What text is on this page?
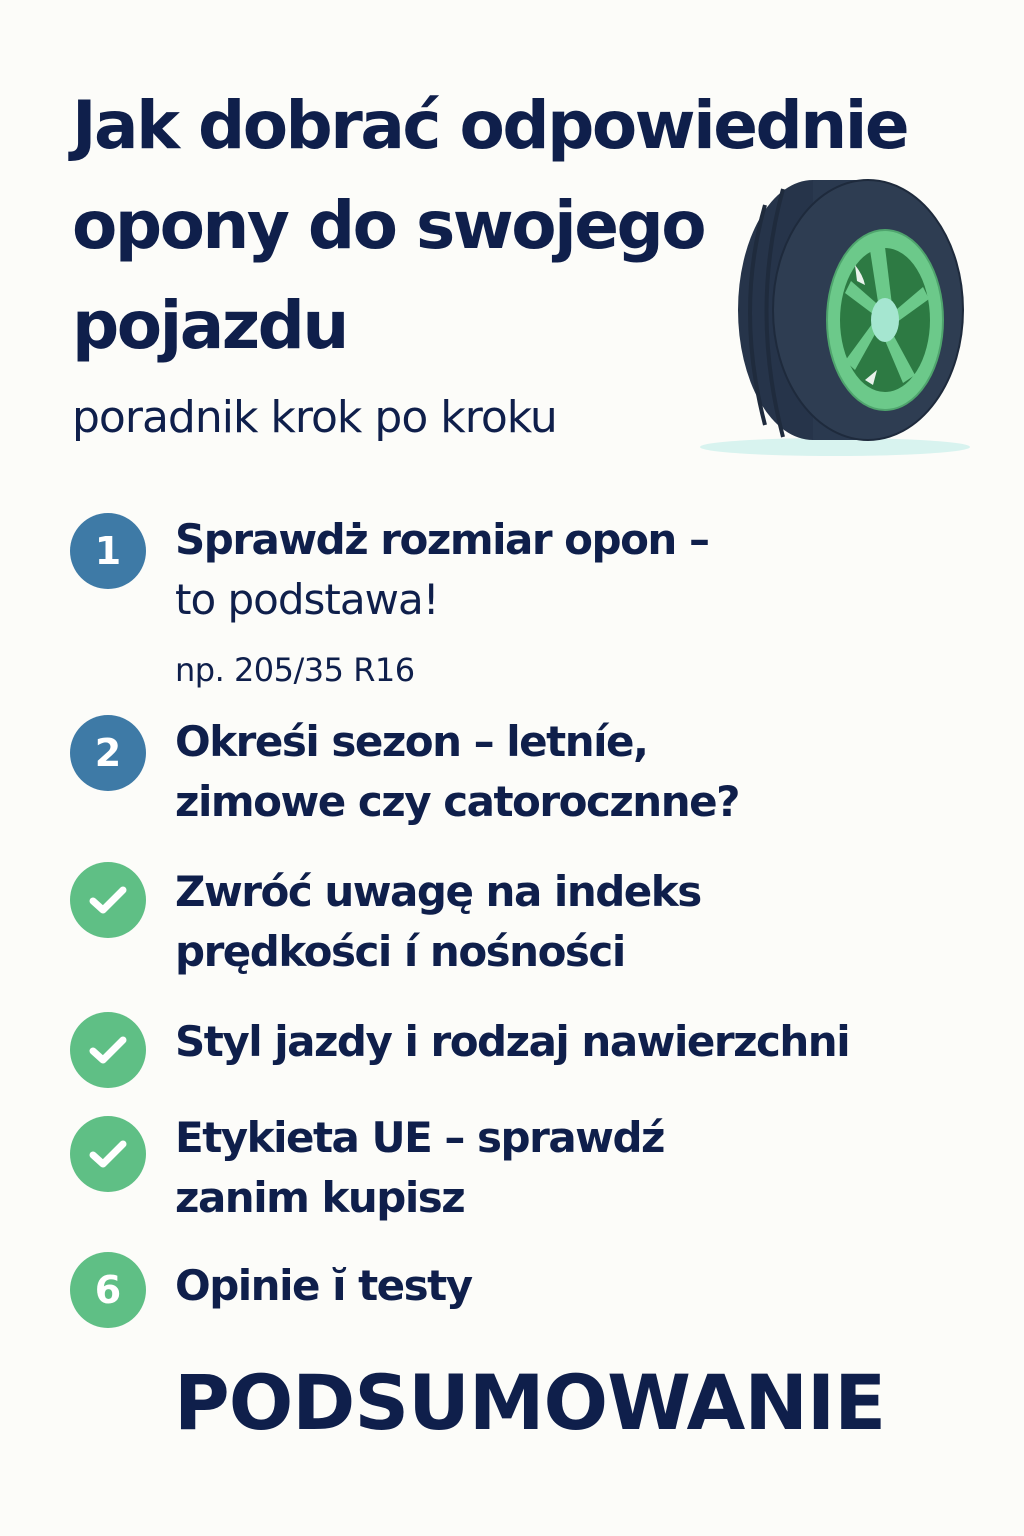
Jak dobrać odpowiednie
opony do swojego
pojazdu
poradnik krok po kroku
1 Sprawdż rozmiar opon –
to podstawa!
np. 205/35 R16
2 Okreśi sezon – letníe,
zimowe czy catorocznne?
Zwróć uwagę na indeks
prędkości í nośności
Styl jazdy i rodzaj nawierzchni
Etykieta UE – sprawdź
zanim kupisz
6 Opinie ĭ testy
PODSUMOWANIE
